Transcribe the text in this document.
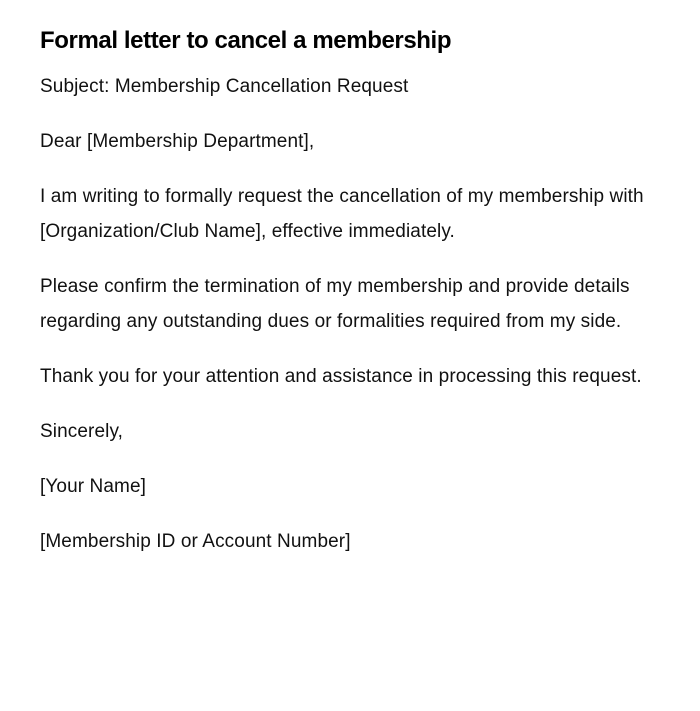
Formal letter to cancel a membership

Subject: Membership Cancellation Request

Dear [Membership Department],

I am writing to formally request the cancellation of my membership with [Organization/Club Name], effective immediately.

Please confirm the termination of my membership and provide details regarding any outstanding dues or formalities required from my side.

Thank you for your attention and assistance in processing this request.

Sincerely,

[Your Name]

[Membership ID or Account Number]
